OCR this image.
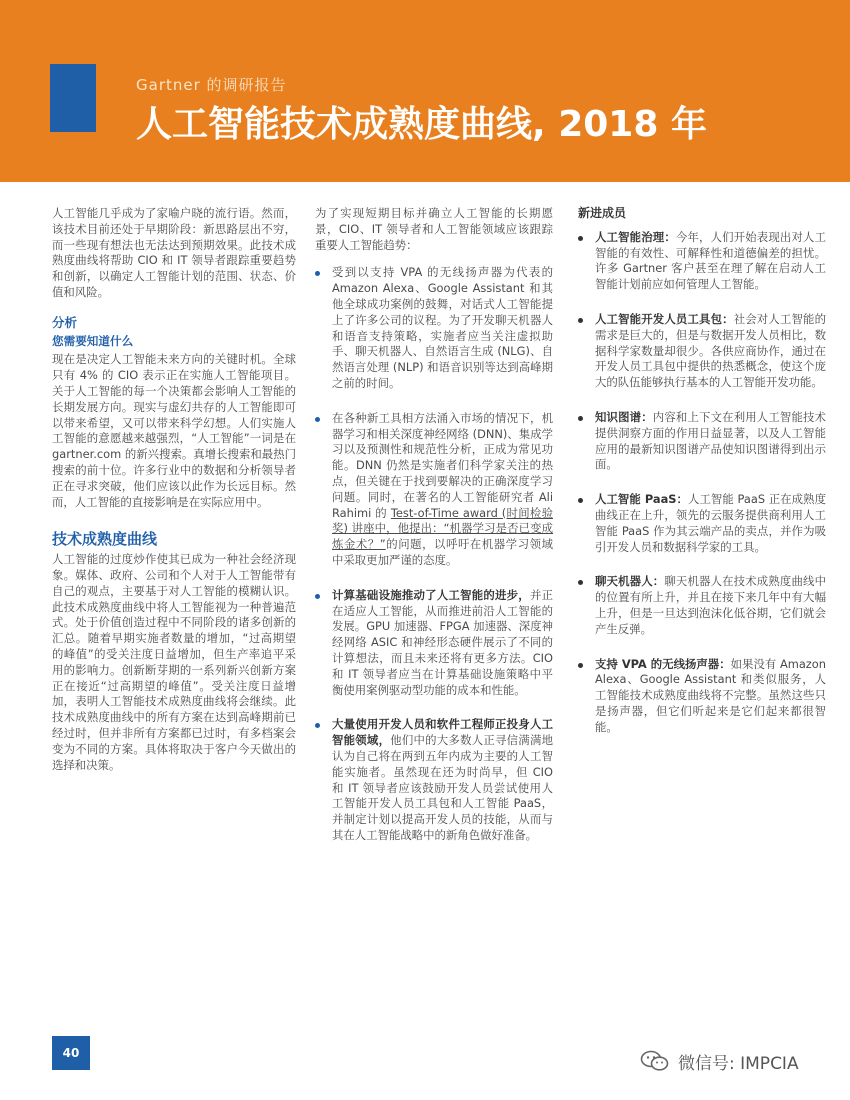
Gartner 的调研报告
人工智能技术成熟度曲线, 2018 年

人工智能几乎成为了家喻户晓的流行语。然而，该技术目前还处于早期阶段：新思路层出不穷，而一些现有想法也无法达到预期效果。此技术成熟度曲线将帮助 CIO 和 IT 领导者跟踪重要趋势和创新，以确定人工智能计划的范围、状态、价值和风险。

分析
您需要知道什么

现在是决定人工智能未来方向的关键时机。全球只有 4% 的 CIO 表示正在实施人工智能项目。关于人工智能的每一个决策都会影响人工智能的长期发展方向。现实与虚幻共存的人工智能即可以带来希望，又可以带来科学幻想。人们实施人工智能的意愿越来越强烈，“人工智能”一词是在 gartner.com 的新兴搜索。真增长搜索和最热门搜索的前十位。许多行业中的数据和分析领导者正在寻求突破，他们应该以此作为长远目标。然而，人工智能的直接影响是在实际应用中。

技术成熟度曲线

人工智能的过度炒作使其已成为一种社会经济现象。媒体、政府、公司和个人对于人工智能带有自己的观点，主要基于对人工智能的模糊认识。此技术成熟度曲线中将人工智能视为一种普遍范式。处于价值创造过程中不同阶段的诸多创新的汇总。随着早期实施者数量的增加，“过高期望的峰值”的受关注度日益增加，但生产率追平采用的影响力。创新断芽期的一系列新兴创新方案正在接近“过高期望的峰值”。受关注度日益增加，表明人工智能技术成熟度曲线将会继续。此技术成熟度曲线中的所有方案在达到高峰期前已经过时，但并非所有方案都已过时，有多档案会变为不同的方案。具体将取决于客户今天做出的选择和决策。

为了实现短期目标并确立人工智能的长期愿景，CIO、IT 领导者和人工智能领域应该跟踪重要人工智能趋势：

受到以支持 VPA 的无线扬声器为代表的 Amazon Alexa、Google Assistant 和其他全球成功案例的鼓舞，对话式人工智能提上了许多公司的议程。为了开发聊天机器人和语音支持策略，实施者应当关注虚拟助手、聊天机器人、自然语言生成 (NLG)、自然语言处理 (NLP) 和语音识别等达到高峰期之前的时间。
在各种新工具相方法涌入市场的情况下，机器学习和相关深度神经网络 (DNN)、集成学习以及预测性和规范性分析，正成为常见功能。DNN 仍然是实施者们科学家关注的热点，但关键在于找到要解决的正确深度学习问题。同时，在著名的人工智能研究者 Ali Rahimi 的 Test-of-Time award (时间检验奖) 讲座中，他提出：“机器学习是否已变成炼金术？”的问题，以呼吁在机器学习领域中采取更加严谨的态度。
计算基础设施推动了人工智能的进步，并正在适应人工智能，从而推进前沿人工智能的发展。GPU 加速器、FPGA 加速器、深度神经网络 ASIC 和神经形态硬件展示了不同的计算想法，而且未来还将有更多方法。CIO 和 IT 领导者应当在计算基础设施策略中平衡使用案例驱动型功能的成本和性能。
大量使用开发人员和软件工程师正投身人工智能领域，他们中的大多数人正寻信满满地认为自己将在两到五年内成为主要的人工智能实施者。虽然现在还为时尚早，但 CIO 和 IT 领导者应该鼓励开发人员尝试使用人工智能开发人员工具包和人工智能 PaaS，并制定计划以提高开发人员的技能，从而与其在人工智能战略中的新角色做好准备。
新进成员
人工智能治理：今年，人们开始表现出对人工智能的有效性、可解释性和道德偏差的担忧。许多 Gartner 客户甚至在理了解在启动人工智能计划前应如何管理人工智能。
人工智能开发人员工具包：社会对人工智能的需求是巨大的，但是与数据开发人员相比，数据科学家数量却很少。各供应商协作，通过在开发人员工具包中提供的热悉概念，使这个庞大的队伍能够执行基本的人工智能开发功能。
知识图谱：内容和上下文在利用人工智能技术提供洞察方面的作用日益显著，以及人工智能应用的最新知识图谱产品使知识图谱得到出示面。
人工智能 PaaS：人工智能 PaaS 正在成熟度曲线正在上升，领先的云服务提供商利用人工智能 PaaS 作为其云端产品的卖点，并作为吸引开发人员和数据科学家的工具。
聊天机器人：聊天机器人在技术成熟度曲线中的位置有所上升，并且在接下来几年中有大幅上升，但是一旦达到泡沫化低谷期，它们就会产生反弹。
支持 VPA 的无线扬声器：如果没有 Amazon Alexa、Google Assistant 和类似服务，人工智能技术成熟度曲线将不完整。虽然这些只是扬声器，但它们听起来是它们起来都很智能。
40
微信号: IMPCIA
